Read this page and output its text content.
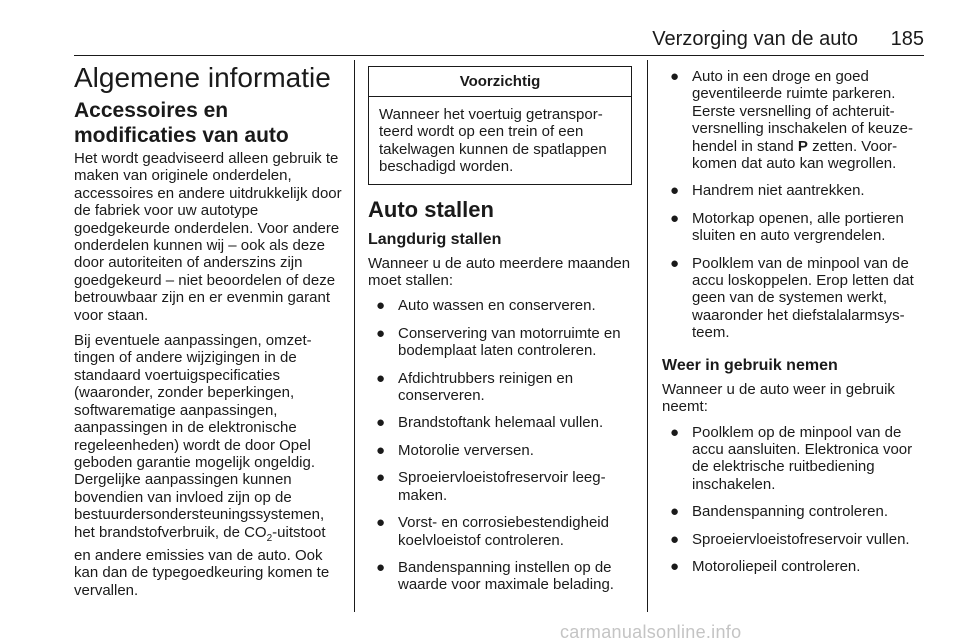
Verzorging van de auto 185
Algemene informatie
Accessoires en modificaties van auto

Het wordt geadviseerd alleen gebruik te maken van originele onderdelen, accessoires en andere uitdrukkelijk door de fabriek voor uw autotype goedgekeurde onderdelen. Voor andere onderdelen kunnen wij – ook als deze door autoriteiten of anderszins zijn goedgekeurd – niet beoordelen of deze betrouwbaar zijn en er evenmin garant voor staan.

Bij eventuele aanpassingen, omzettingen of andere wijzigingen in de standaard voertuigspecificaties (waaronder, zonder beperkingen, softwarematige aanpassingen, aanpassingen in de elektronische regeleenheden) wordt de door Opel geboden garantie mogelijk ongeldig. Dergelijke aanpassingen kunnen bovendien van invloed zijn op de bestuurdersondersteuningssystemen, het brandstofverbruik, de $CO_2$-uitstoot en andere emissies van de auto. Ook kan dan de typegoedkeuring komen te vervallen.

Voorzichtig
Wanneer het voertuig getransporteerd wordt op een trein of een takelwagen kunnen de spatlappen beschadigd worden.
Auto stallen
Langdurig stallen

Wanneer u de auto meerdere maanden moet stallen:

● Auto wassen en conserveren.
● Conservering van motorruimte en bodemplaat laten controleren.
● Afdichtrubbers reinigen en conserveren.
● Brandstoftank helemaal vullen.
● Motorolie verversen.
● Sproeiervloeistofreservoir leegmaken.
● Vorst- en corrosiebestendigheid koelvloeistof controleren.
● Bandenspanning instellen op de waarde voor maximale belading.
● Auto in een droge en goed geventileerde ruimte parkeren. Eerste versnelling of achteruitversnelling inschakelen of keuzehendel in stand P zetten. Voorkomen dat auto kan wegrollen.
● Handrem niet aantrekken.
● Motorkap openen, alle portieren sluiten en auto vergrendelen.
● Poolklem van de minpool van de accu loskoppelen. Erop letten dat geen van de systemen werkt, waaronder het diefstalalarmsysteem.
Weer in gebruik nemen

Wanneer u de auto weer in gebruik neemt:

● Poolklem op de minpool van de accu aansluiten. Elektronica voor de elektrische ruitbediening inschakelen.
● Bandenspanning controleren.
● Sproeiervloeistofreservoir vullen.
● Motoroliepeil controleren.
carmanualsonline.info
